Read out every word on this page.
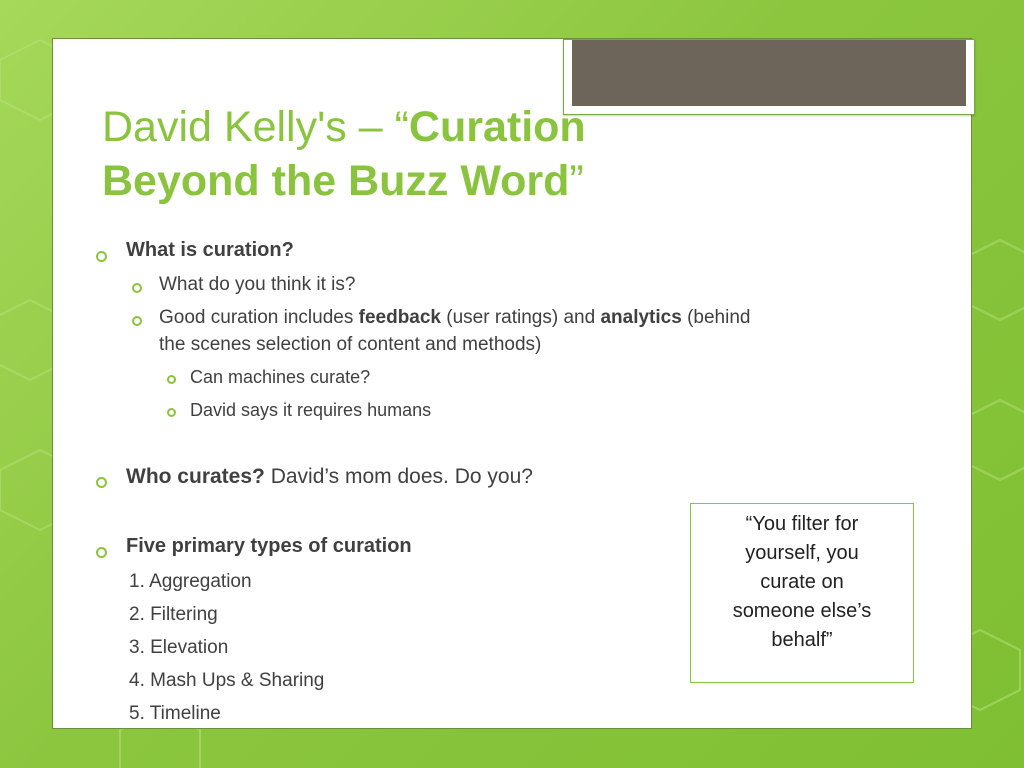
David Kelly's – “Curation Beyond the Buzz Word”
What is curation?
What do you think it is?
Good curation includes feedback (user ratings) and analytics (behind
the scenes selection of content and methods)
Can machines curate?
David says it requires humans
Who curates? David’s mom does. Do you?
Five primary types of curation
1. Aggregation
2. Filtering
3. Elevation
4. Mash Ups & Sharing
5. Timeline
“You filter for
yourself, you
curate on
someone else’s
behalf”
